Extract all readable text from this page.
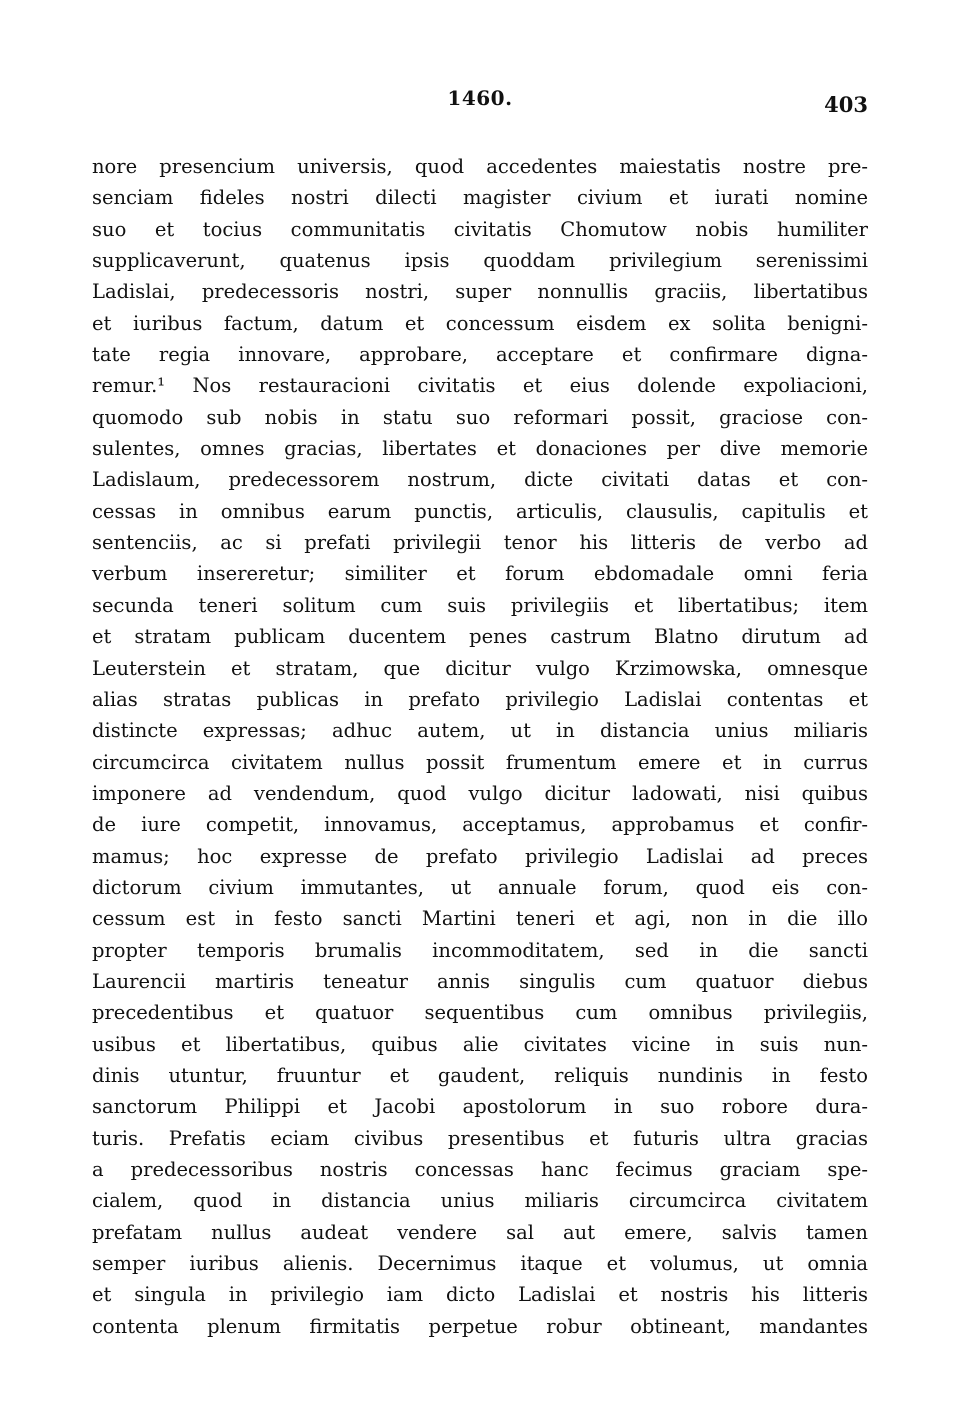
1460.	403
nore presencium universis, quod accedentes maiestatis nostre pre-
senciam fideles nostri dilecti magister civium et iurati nomine
suo et tocius communitatis civitatis Chomutow nobis humiliter
supplicaverunt, quatenus ipsis quoddam privilegium serenissimi
Ladislai, predecessoris nostri, super nonnullis graciis, libertatibus
et iuribus factum, datum et concessum eisdem ex solita benigni-
tate regia innovare, approbare, acceptare et confirmare digna-
remur.¹ Nos restauracioni civitatis et eius dolende expoliacioni,
quomodo sub nobis in statu suo reformari possit, graciose con-
sulentes, omnes gracias, libertates et donaciones per dive memorie
Ladislaum, predecessorem nostrum, dicte civitati datas et con-
cessas in omnibus earum punctis, articulis, clausulis, capitulis et
sentenciis, ac si prefati privilegii tenor his litteris de verbo ad
verbum insereretur; similiter et forum ebdomadale omni feria
secunda teneri solitum cum suis privilegiis et libertatibus; item
et stratam publicam ducentem penes castrum Blatno dirutum ad
Leuterstein et stratam, que dicitur vulgo Krzimowska, omnesque
alias stratas publicas in prefato privilegio Ladislai contentas et
distincte expressas; adhuc autem, ut in distancia unius miliaris
circumcirca civitatem nullus possit frumentum emere et in currus
imponere ad vendendum, quod vulgo dicitur ladowati, nisi quibus
de iure competit, innovamus, acceptamus, approbamus et confir-
mamus; hoc expresse de prefato privilegio Ladislai ad preces
dictorum civium immutantes, ut annuale forum, quod eis con-
cessum est in festo sancti Martini teneri et agi, non in die illo
propter temporis brumalis incommoditatem, sed in die sancti
Laurencii martiris teneatur annis singulis cum quatuor diebus
precedentibus et quatuor sequentibus cum omnibus privilegiis,
usibus et libertatibus, quibus alie civitates vicine in suis nun-
dinis utuntur, fruuntur et gaudent, reliquis nundinis in festo
sanctorum Philippi et Jacobi apostolorum in suo robore dura-
turis. Prefatis eciam civibus presentibus et futuris ultra gracias
a predecessoribus nostris concessas hanc fecimus graciam spe-
cialem, quod in distancia unius miliaris circumcirca civitatem
prefatam nullus audeat vendere sal aut emere, salvis tamen
semper iuribus alienis. Decernimus itaque et volumus, ut omnia
et singula in privilegio iam dicto Ladislai et nostris his litteris
contenta plenum firmitatis perpetue robur obtineant, mandantes
